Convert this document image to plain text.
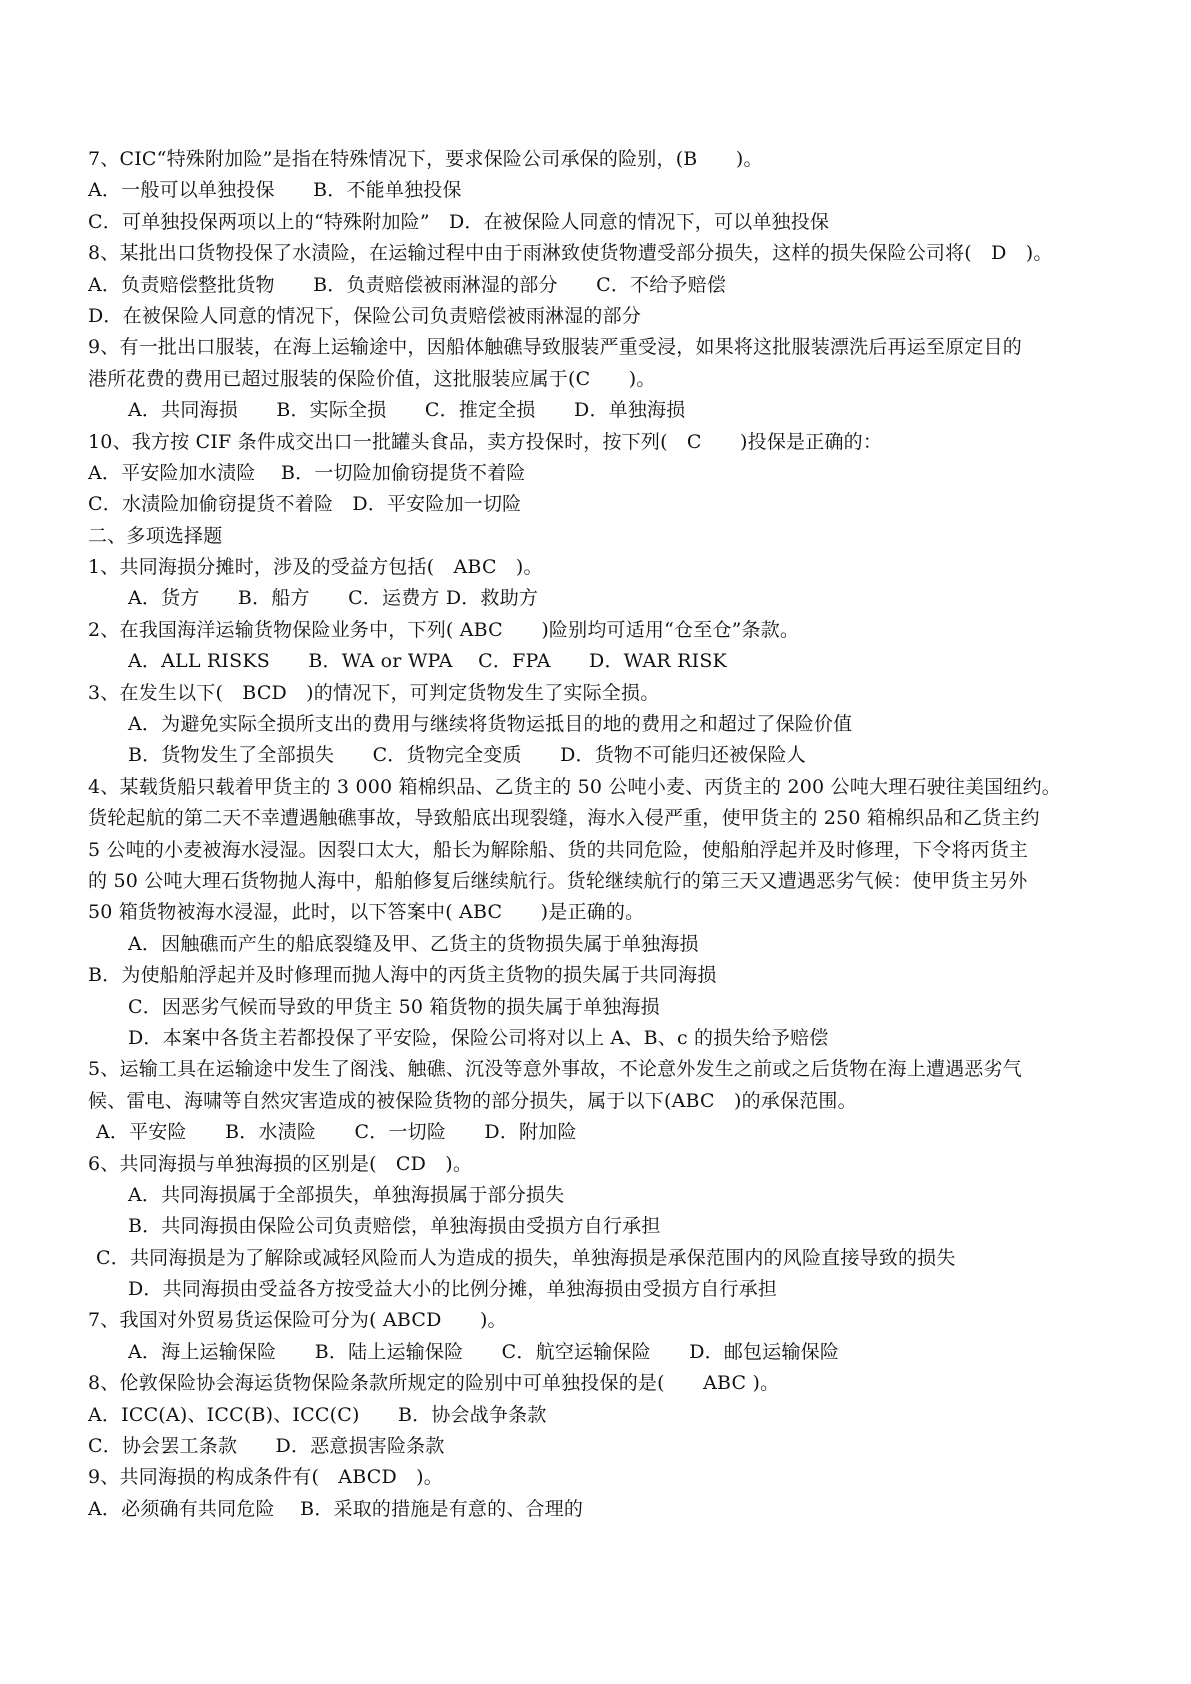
7、CIC“特殊附加险”是指在特殊情况下，要求保险公司承保的险别，(B　　)。
A．一般可以单独投保　　B．不能单独投保
C．可单独投保两项以上的“特殊附加险”　D．在被保险人同意的情况下，可以单独投保
8、某批出口货物投保了水渍险，在运输过程中由于雨淋致使货物遭受部分损失，这样的损失保险公司将(　D　)。
A．负责赔偿整批货物　　B．负责赔偿被雨淋湿的部分　　C．不给予赔偿
D．在被保险人同意的情况下，保险公司负责赔偿被雨淋湿的部分
9、有一批出口服装，在海上运输途中，因船体触礁导致服装严重受浸，如果将这批服装漂洗后再运至原定目的
港所花费的费用已超过服装的保险价值，这批服装应属于(C　　)。
A．共同海损　　B．实际全损　　C．推定全损　　D．单独海损
10、我方按 CIF 条件成交出口一批罐头食品，卖方投保时，按下列(　C　　)投保是正确的：
A．平安险加水渍险　 B．一切险加偷窃提货不着险
C．水渍险加偷窃提货不着险　D．平安险加一切险
二、多项选择题
1、共同海损分摊时，涉及的受益方包括(　ABC　)。
A．货方　　B．船方　　C．运费方 D．救助方
2、在我国海洋运输货物保险业务中，下列( ABC　　)险别均可适用“仓至仓”条款。
A．ALL RISKS　　B．WA or WPA　 C．FPA　　D．WAR RISK
3、在发生以下(　BCD　)的情况下，可判定货物发生了实际全损。
A．为避免实际全损所支出的费用与继续将货物运抵目的地的费用之和超过了保险价值
B．货物发生了全部损失　　C．货物完全变质　　D．货物不可能归还被保险人
4、某载货船只载着甲货主的 3 000 箱棉织品、乙货主的 50 公吨小麦、丙货主的 200 公吨大理石驶往美国纽约。
货轮起航的第二天不幸遭遇触礁事故，导致船底出现裂缝，海水入侵严重，使甲货主的 250 箱棉织品和乙货主约
5 公吨的小麦被海水浸湿。因裂口太大，船长为解除船、货的共同危险，使船舶浮起并及时修理，下令将丙货主
的 50 公吨大理石货物抛人海中，船舶修复后继续航行。货轮继续航行的第三天又遭遇恶劣气候：使甲货主另外
50 箱货物被海水浸湿，此时，以下答案中( ABC　　)是正确的。
A．因触礁而产生的船底裂缝及甲、乙货主的货物损失属于单独海损
B．为使船舶浮起并及时修理而抛人海中的丙货主货物的损失属于共同海损
C．因恶劣气候而导致的甲货主 50 箱货物的损失属于单独海损
D．本案中各货主若都投保了平安险，保险公司将对以上 A、B、c 的损失给予赔偿
5、运输工具在运输途中发生了阁浅、触礁、沉没等意外事故，不论意外发生之前或之后货物在海上遭遇恶劣气
候、雷电、海啸等自然灾害造成的被保险货物的部分损失，属于以下(ABC　)的承保范围。
A．平安险　　B．水渍险　　C．一切险　　D．附加险
6、共同海损与单独海损的区别是(　CD　)。
A．共同海损属于全部损失，单独海损属于部分损失
B．共同海损由保险公司负责赔偿，单独海损由受损方自行承担
C．共同海损是为了解除或减轻风险而人为造成的损失，单独海损是承保范围内的风险直接导致的损失
D．共同海损由受益各方按受益大小的比例分摊，单独海损由受损方自行承担
7、我国对外贸易货运保险可分为( ABCD　　)。
A．海上运输保险　　B．陆上运输保险　　C．航空运输保险　　D．邮包运输保险
8、伦敦保险协会海运货物保险条款所规定的险别中可单独投保的是(　　ABC )。
A．ICC(A)、ICC(B)、ICC(C)　　B．协会战争条款
C．协会罢工条款　　D．恶意损害险条款
9、共同海损的构成条件有(　ABCD　)。
A．必须确有共同危险　 B．采取的措施是有意的、合理的
